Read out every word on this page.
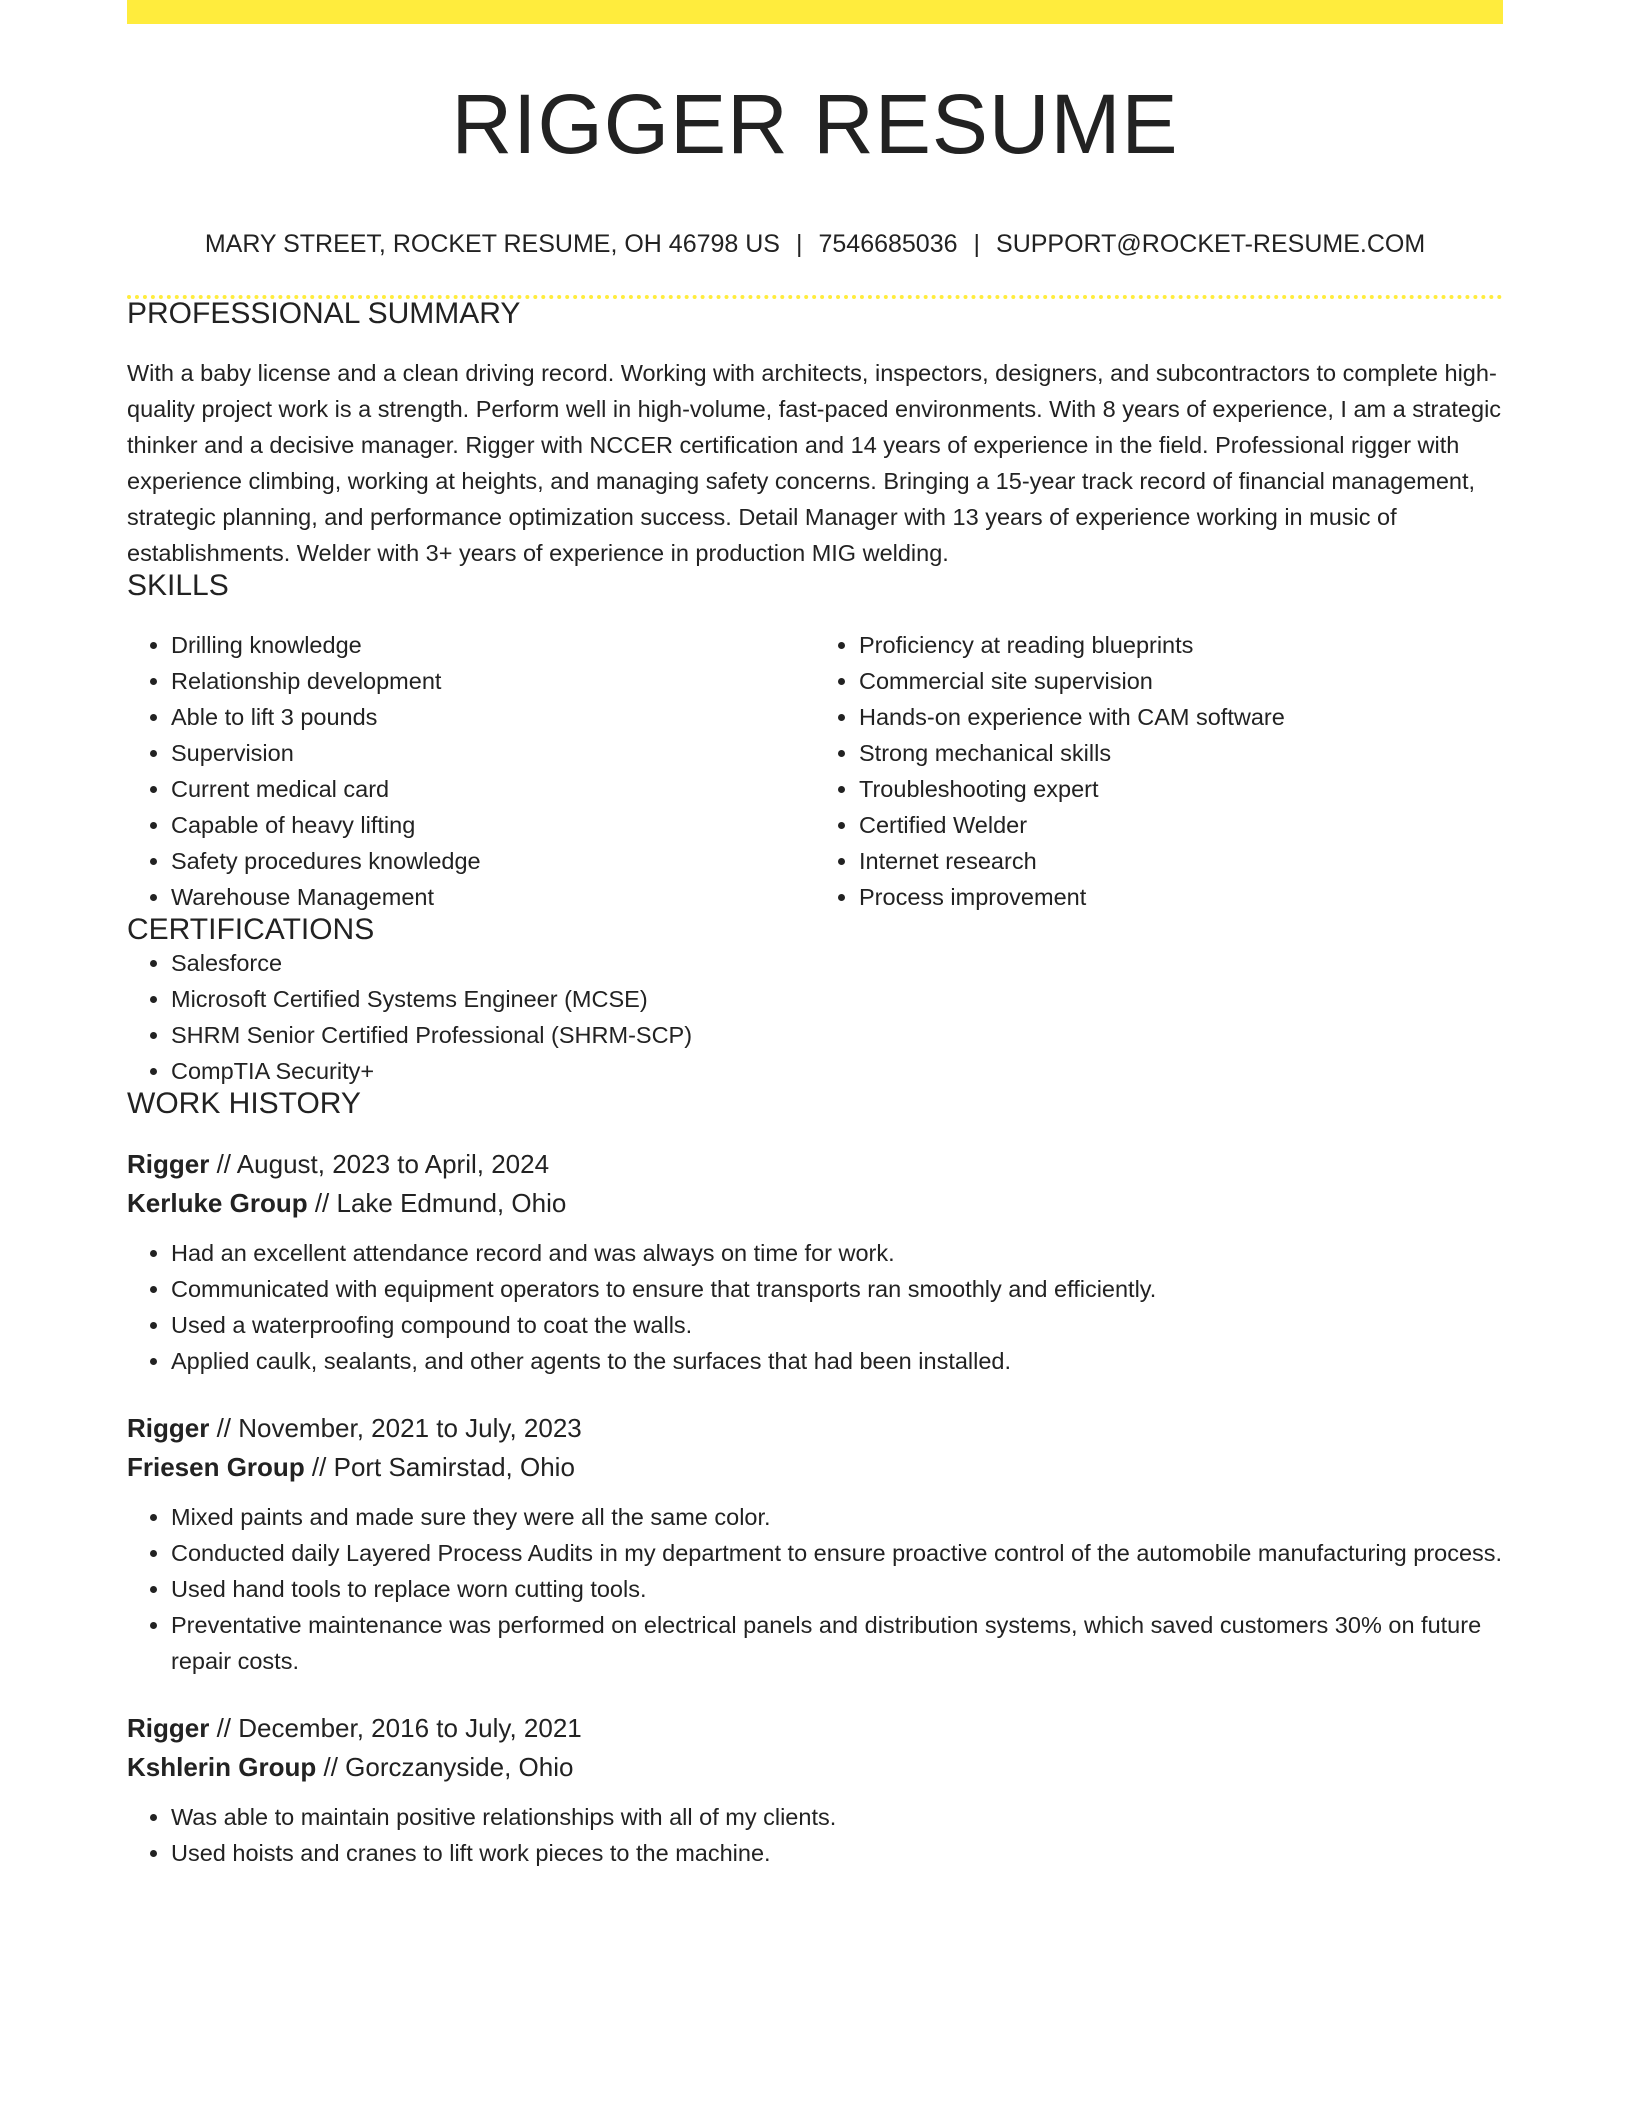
RIGGER RESUME
MARY STREET, ROCKET RESUME, OH 46798 US | 7546685036 | SUPPORT@ROCKET-RESUME.COM
PROFESSIONAL SUMMARY
With a baby license and a clean driving record. Working with architects, inspectors, designers, and subcontractors to complete high-quality project work is a strength. Perform well in high-volume, fast-paced environments. With 8 years of experience, I am a strategic thinker and a decisive manager. Rigger with NCCER certification and 14 years of experience in the field. Professional rigger with experience climbing, working at heights, and managing safety concerns. Bringing a 15-year track record of financial management, strategic planning, and performance optimization success. Detail Manager with 13 years of experience working in music of establishments. Welder with 3+ years of experience in production MIG welding.
SKILLS
• Drilling knowledge
• Relationship development
• Able to lift 3 pounds
• Supervision
• Current medical card
• Capable of heavy lifting
• Safety procedures knowledge
• Warehouse Management
• Proficiency at reading blueprints
• Commercial site supervision
• Hands-on experience with CAM software
• Strong mechanical skills
• Troubleshooting expert
• Certified Welder
• Internet research
• Process improvement
CERTIFICATIONS
• Salesforce
• Microsoft Certified Systems Engineer (MCSE)
• SHRM Senior Certified Professional (SHRM-SCP)
• CompTIA Security+
WORK HISTORY
Rigger // August, 2023 to April, 2024
Kerluke Group // Lake Edmund, Ohio
• Had an excellent attendance record and was always on time for work.
• Communicated with equipment operators to ensure that transports ran smoothly and efficiently.
• Used a waterproofing compound to coat the walls.
• Applied caulk, sealants, and other agents to the surfaces that had been installed.
Rigger // November, 2021 to July, 2023
Friesen Group // Port Samirstad, Ohio
• Mixed paints and made sure they were all the same color.
• Conducted daily Layered Process Audits in my department to ensure proactive control of the automobile manufacturing process.
• Used hand tools to replace worn cutting tools.
• Preventative maintenance was performed on electrical panels and distribution systems, which saved customers 30% on future repair costs.
Rigger // December, 2016 to July, 2021
Kshlerin Group // Gorczanyside, Ohio
• Was able to maintain positive relationships with all of my clients.
• Used hoists and cranes to lift work pieces to the machine.
